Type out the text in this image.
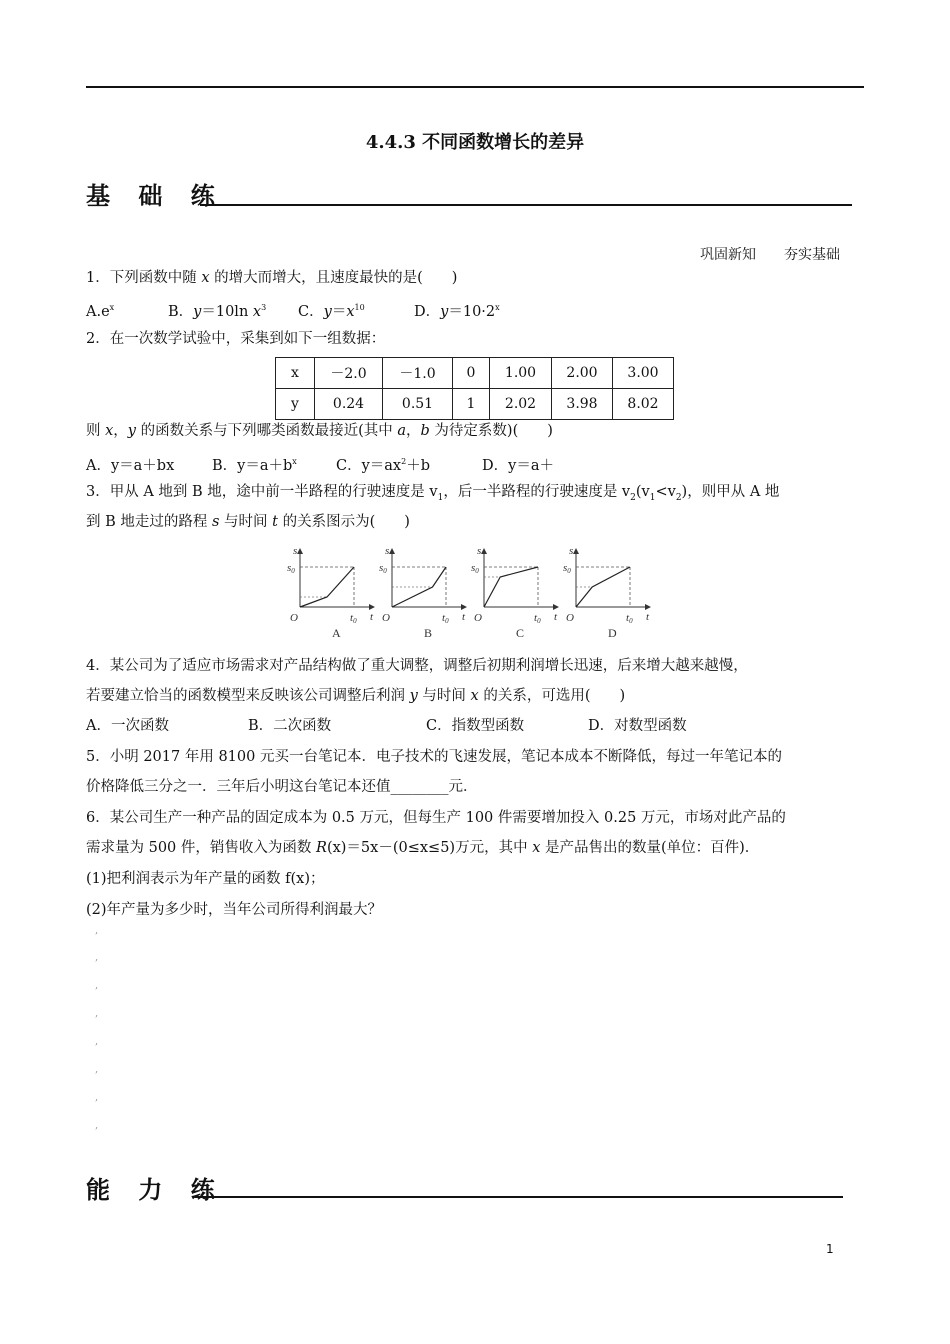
4.4.3 不同函数增长的差异
基 础 练
巩固新知 夯实基础
1．下列函数中随 x 的增大而增大，且速度最快的是(　　)
$A.e^x$	B．y＝10ln $x^3$ C．$y=x^{10}$	D．$y=10\cdot 2^x$
2．在一次数学试验中，采集到如下一组数据：
x	－2.0	－1.0	0	1.00	2.00	3.00
y	0.24	0.51	1	2.02	3.98	8.02
则 x，y 的函数关系与下列哪类函数最接近(其中 a，b 为待定系数)(　　)
A．y＝a＋bx	B．$y=a+b^x$	C．$y=ax^2+b$	D．y＝a＋
3．甲从 A 地到 B 地，途中前一半路程的行驶速度是 $v_1$，后一半路程的行驶速度是 $v_2(v_1<v_2)$，则甲从 A 地
到 B 地走过的路程 s 与时间 t 的关系图示为(　　)
s
s0
O	t0 t
A
s
s0
O	t0 t
B
s
s0
O	t0 t
C
s
s0
O	t0 t
D
4．某公司为了适应市场需求对产品结构做了重大调整，调整后初期利润增长迅速，后来增大越来越慢，
若要建立恰当的函数模型来反映该公司调整后利润 y 与时间 x 的关系，可选用(　　)
A．一次函数	B．二次函数	C．指数型函数	D．对数型函数
5．小明 2017 年用 8100 元买一台笔记本．电子技术的飞速发展，笔记本成本不断降低，每过一年笔记本的
价格降低三分之一．三年后小明这台笔记本还值________元．
6．某公司生产一种产品的固定成本为 0.5 万元，但每生产 100 件需要增加投入 0.25 万元，市场对此产品的
需求量为 500 件，销售收入为函数 R(x)＝5x－(0≤x≤5)万元，其中 x 是产品售出的数量(单位：百件)．
(1)把利润表示为年产量的函数 f(x)；
(2)年产量为多少时，当年公司所得利润最大？
,
,
,
,
,
,
,
,
能 力 练
1
